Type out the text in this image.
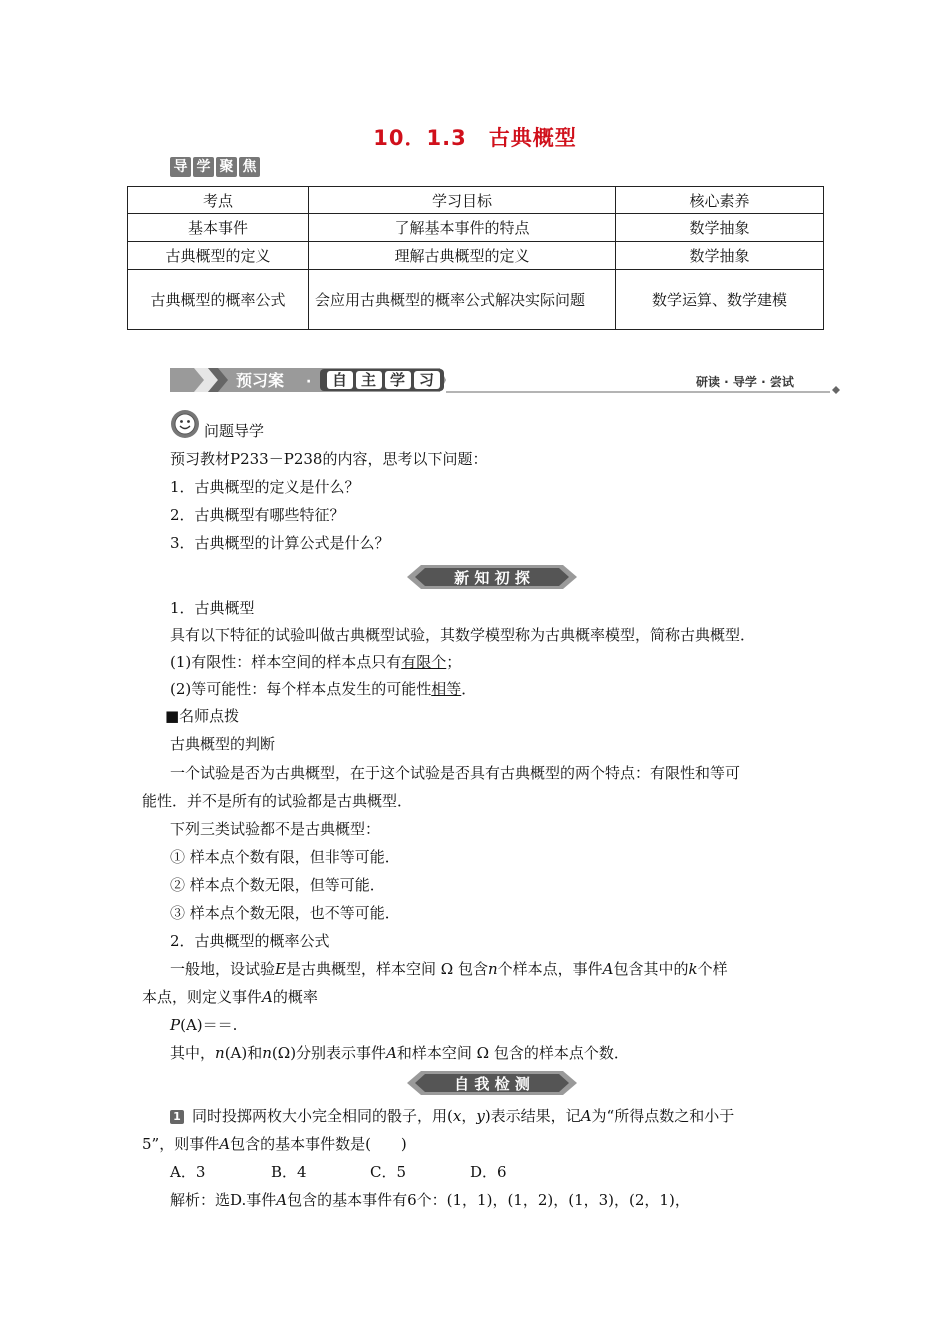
10．1.3　古典概型
导 学 聚 焦
考点	学习目标	核心素养
基本事件	了解基本事件的特点	数学抽象
古典概型的定义	理解古典概型的定义	数学抽象
古典概型的概率公式	会应用古典概型的概率公式解决实际问题	数学运算、数学建模
预习案 · 自 主 学 习	研读 · 导学 · 尝试
问题导学
预习教材P233－P238的内容，思考以下问题：
1．古典概型的定义是什么？
2．古典概型有哪些特征？
3．古典概型的计算公式是什么？
新 知 初 探
1．古典概型
具有以下特征的试验叫做古典概型试验，其数学模型称为古典概率模型，简称古典概型．
(1)有限性：样本空间的样本点只有有限个；
(2)等可能性：每个样本点发生的可能性相等．
■名师点拨
古典概型的判断
一个试验是否为古典概型，在于这个试验是否具有古典概型的两个特点：有限性和等可
能性．并不是所有的试验都是古典概型．
下列三类试验都不是古典概型：
① 样本点个数有限，但非等可能．
② 样本点个数无限，但等可能．
③ 样本点个数无限，也不等可能．
2．古典概型的概率公式
一般地，设试验E是古典概型，样本空间 Ω 包含n个样本点，事件A包含其中的k个样
本点，则定义事件A的概率
P(A)＝＝.
其中，n(A)和n(Ω)分别表示事件A和样本空间 Ω 包含的样本点个数．
自 我 检 测
1 同时投掷两枚大小完全相同的骰子，用(x，y)表示结果，记A为“所得点数之和小于
5”，则事件A包含的基本事件数是(　　)
A．3	B．4	C．5	D．6
解析：选D.事件A包含的基本事件有6个：(1，1)，(1，2)，(1，3)，(2，1)，
